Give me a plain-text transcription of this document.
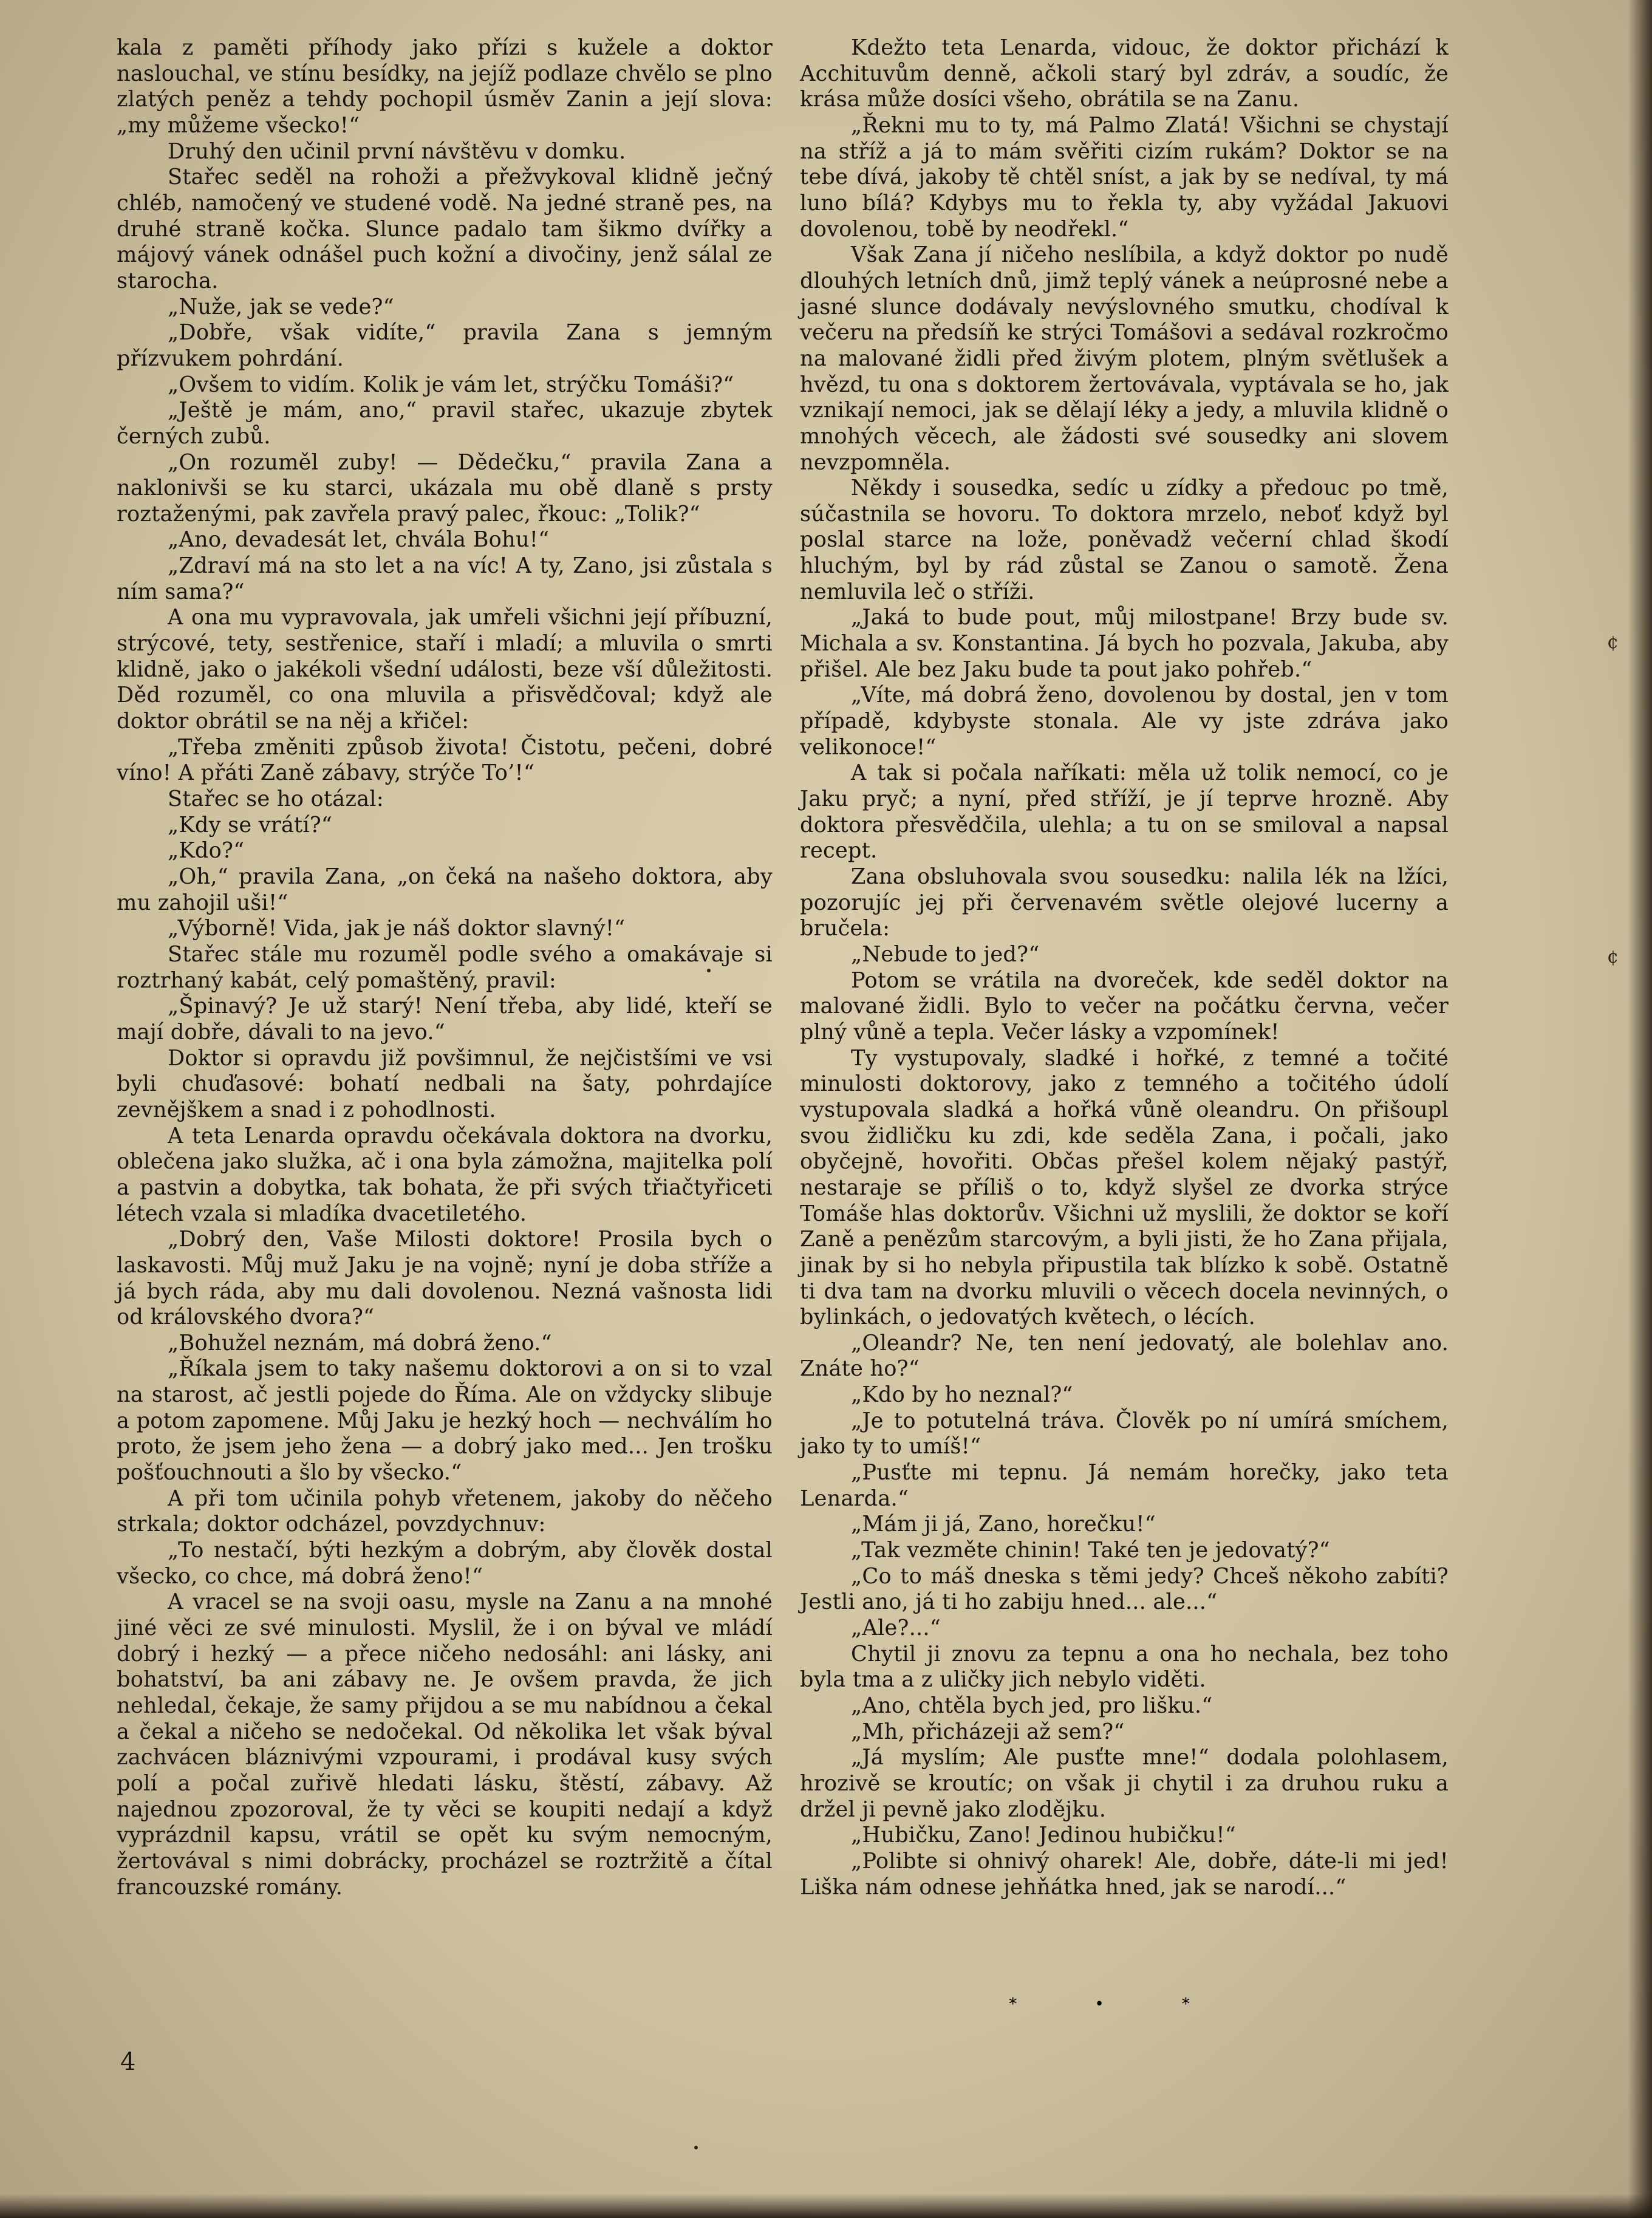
kala z paměti příhody jako přízi s kužele a doktor naslouchal, ve stínu besídky, na jejíž podlaze chvělo se plno zlatých peněz a tehdy pochopil úsměv Zanin a její slova: „my můžeme všecko!“

Druhý den učinil první návštěvu v domku.

Stařec seděl na rohoži a přežvykoval klidně ječný chléb, namočený ve studené vodě. Na jedné straně pes, na druhé straně kočka. Slunce padalo tam šikmo dvířky a májový vánek odnášel puch kožní a divočiny, jenž sálal ze starocha.

„Nuže, jak se vede?“

„Dobře, však vidíte,“ pravila Zana s jemným přízvukem pohrdání.

„Ovšem to vidím. Kolik je vám let, strýčku Tomáši?“

„Ještě je mám, ano,“ pravil stařec, ukazuje zbytek černých zubů.

„On rozuměl zuby! — Dědečku,“ pravila Zana a naklonivši se ku starci, ukázala mu obě dlaně s prsty roztaženými, pak zavřela pravý palec, řkouc: „Tolik?“

„Ano, devadesát let, chvála Bohu!“

„Zdraví má na sto let a na víc! A ty, Zano, jsi zůstala s ním sama?“

A ona mu vypravovala, jak umřeli všichni její příbuzní, strýcové, tety, sestřenice, staří i mladí; a mluvila o smrti klidně, jako o jakékoli všední události, beze vší důležitosti. Děd rozuměl, co ona mluvila a přisvědčoval; když ale doktor obrátil se na něj a křičel:

„Třeba změniti způsob života! Čistotu, pečeni, dobré víno! A přáti Zaně zábavy, strýče To’!“

Stařec se ho otázal:

„Kdy se vrátí?“

„Kdo?“

„Oh,“ pravila Zana, „on čeká na našeho doktora, aby mu zahojil uši!“

„Výborně! Vida, jak je náš doktor slavný!“

Stařec stále mu rozuměl podle svého a omakávaje si roztrhaný kabát, celý pomaštěný, pravil:

„Špinavý? Je už starý! Není třeba, aby lidé, kteří se mají dobře, dávali to na jevo.“

Doktor si opravdu již povšimnul, že nejčistšími ve vsi byli chuďasové: bohatí nedbali na šaty, pohrdajíce zevnějškem a snad i z pohodlnosti.

A teta Lenarda opravdu očekávala doktora na dvorku, oblečena jako služka, ač i ona byla zámožna, majitelka polí a pastvin a dobytka, tak bohata, že při svých třiačtyřiceti létech vzala si mladíka dvacetiletého.

„Dobrý den, Vaše Milosti doktore! Prosila bych o laskavosti. Můj muž Jaku je na vojně; nyní je doba stříže a já bych ráda, aby mu dali dovolenou. Nezná vašnosta lidi od královského dvora?“

„Bohužel neznám, má dobrá ženo.“

„Říkala jsem to taky našemu doktorovi a on si to vzal na starost, ač jestli pojede do Říma. Ale on vždycky slibuje a potom zapomene. Můj Jaku je hezký hoch — nechválím ho proto, že jsem jeho žena — a dobrý jako med... Jen trošku pošťouchnouti a šlo by všecko.“

A při tom učinila pohyb vřetenem, jakoby do něčeho strkala; doktor odcházel, povzdychnuv:

„To nestačí, býti hezkým a dobrým, aby člověk dostal všecko, co chce, má dobrá ženo!“

A vracel se na svoji oasu, mysle na Zanu a na mnohé jiné věci ze své minulosti. Myslil, že i on býval ve mládí dobrý i hezký — a přece ničeho nedosáhl: ani lásky, ani bohatství, ba ani zábavy ne. Je ovšem pravda, že jich nehledal, čekaje, že samy přijdou a se mu nabídnou a čekal a čekal a ničeho se nedočekal. Od několika let však býval zachvácen bláznivými vzpourami, i prodával kusy svých polí a počal zuřivě hledati lásku, štěstí, zábavy. Až najednou zpozoroval, že ty věci se koupiti nedají a když vyprázdnil kapsu, vrátil se opět ku svým nemocným, žertovával s nimi dobrácky, procházel se roztržitě a čítal francouzské romány.

Kdežto teta Lenarda, vidouc, že doktor přichází k Acchituvům denně, ačkoli starý byl zdráv, a soudíc, že krása může dosíci všeho, obrátila se na Zanu.

„Řekni mu to ty, má Palmo Zlatá! Všichni se chystají na stříž a já to mám svěřiti cizím rukám? Doktor se na tebe dívá, jakoby tě chtěl sníst, a jak by se nedíval, ty má luno bílá? Kdybys mu to řekla ty, aby vyžádal Jakuovi dovolenou, tobě by neodřekl.“

Však Zana jí ničeho neslíbila, a když doktor po nudě dlouhých letních dnů, jimž teplý vánek a neúprosné nebe a jasné slunce dodávaly nevýslovného smutku, chodíval k večeru na předsíň ke strýci Tomášovi a sedával rozkročmo na malované židli před živým plotem, plným světlušek a hvězd, tu ona s doktorem žertovávala, vyptávala se ho, jak vznikají nemoci, jak se dělají léky a jedy, a mluvila klidně o mnohých věcech, ale žádosti své sousedky ani slovem nevzpomněla.

Někdy i sousedka, sedíc u zídky a předouc po tmě, súčastnila se hovoru. To doktora mrzelo, neboť když byl poslal starce na lože, poněvadž večerní chlad škodí hluchým, byl by rád zůstal se Zanou o samotě. Žena nemluvila leč o stříži.

„Jaká to bude pout, můj milostpane! Brzy bude sv. Michala a sv. Konstantina. Já bych ho pozvala, Jakuba, aby přišel. Ale bez Jaku bude ta pout jako pohřeb.“

„Víte, má dobrá ženo, dovolenou by dostal, jen v tom případě, kdybyste stonala. Ale vy jste zdráva jako velikonoce!“

A tak si počala naříkati: měla už tolik nemocí, co je Jaku pryč; a nyní, před stříží, je jí teprve hrozně. Aby doktora přesvědčila, ulehla; a tu on se smiloval a napsal recept.

Zana obsluhovala svou sousedku: nalila lék na lžíci, pozorujíc jej při červenavém světle olejové lucerny a bručela:

„Nebude to jed?“

Potom se vrátila na dvoreček, kde seděl doktor na malované židli. Bylo to večer na počátku června, večer plný vůně a tepla. Večer lásky a vzpomínek!

Ty vystupovaly, sladké i hořké, z temné a točité minulosti doktorovy, jako z temného a točitého údolí vystupovala sladká a hořká vůně oleandru. On přišoupl svou židličku ku zdi, kde seděla Zana, i počali, jako obyčejně, hovořiti. Občas přešel kolem nějaký pastýř, nestaraje se příliš o to, když slyšel ze dvorka strýce Tomáše hlas doktorův. Všichni už myslili, že doktor se koří Zaně a penězům starcovým, a byli jisti, že ho Zana přijala, jinak by si ho nebyla připustila tak blízko k sobě. Ostatně ti dva tam na dvorku mluvili o věcech docela nevinných, o bylinkách, o jedovatých květech, o lécích.

„Oleandr? Ne, ten není jedovatý, ale bolehlav ano. Znáte ho?“

„Kdo by ho neznal?“

„Je to potutelná tráva. Člověk po ní umírá smíchem, jako ty to umíš!“

„Pusťte mi tepnu. Já nemám horečky, jako teta Lenarda.“

„Mám ji já, Zano, horečku!“

„Tak vezměte chinin! Také ten je jedovatý?“

„Co to máš dneska s těmi jedy? Chceš někoho zabíti? Jestli ano, já ti ho zabiju hned... ale...“

„Ale?...“

Chytil ji znovu za tepnu a ona ho nechala, bez toho byla tma a z uličky jich nebylo viděti.

„Ano, chtěla bych jed, pro lišku.“

„Mh, přicházeji až sem?“

„Já myslím; Ale pusťte mne!“ dodala polohlasem, hrozivě se kroutíc; on však ji chytil i za druhou ruku a držel ji pevně jako zlodějku.

„Hubičku, Zano! Jedinou hubičku!“

„Polibte si ohnivý oharek! Ale, dobře, dáte-li mi jed! Liška nám odnese jehňátka hned, jak se narodí...“

* • *
4
¢
¢
